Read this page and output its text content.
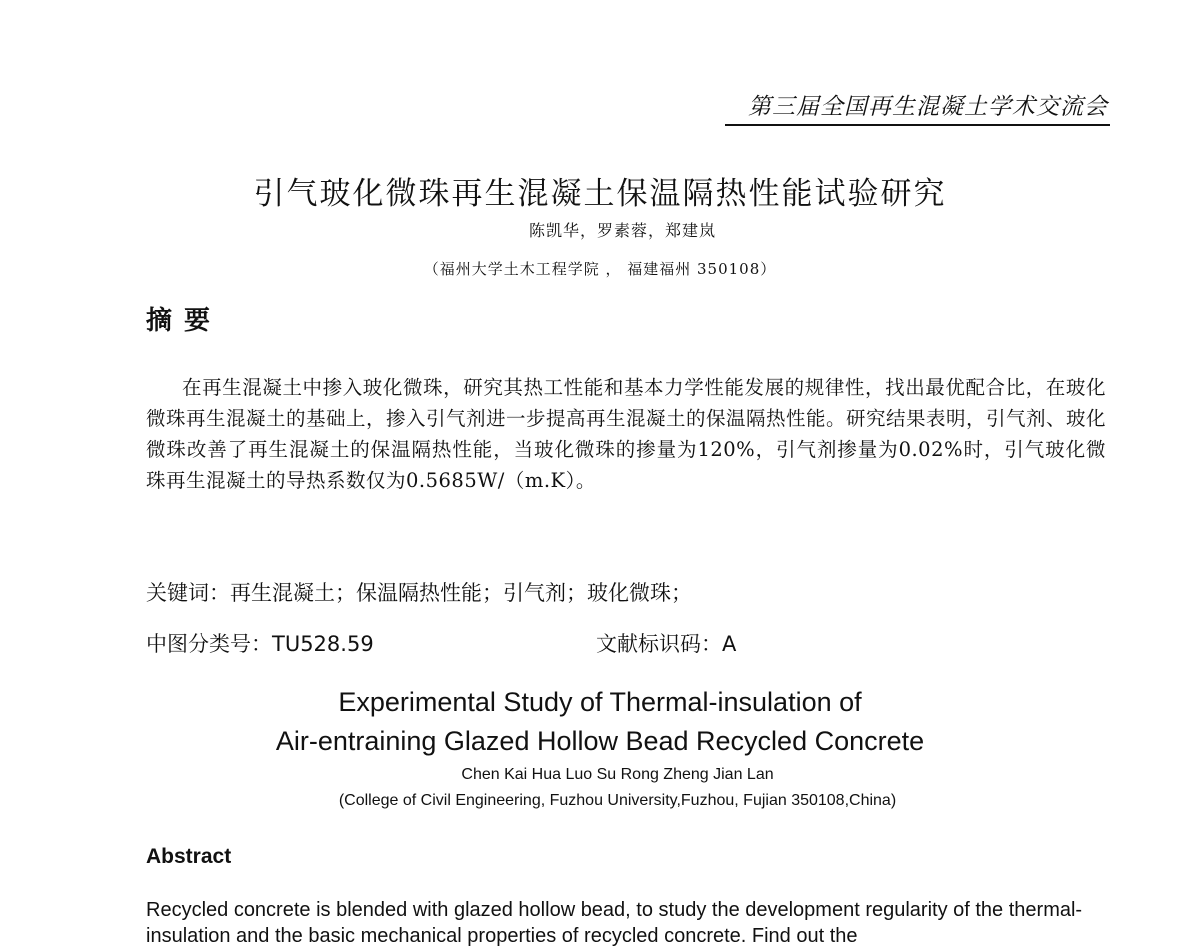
第三届全国再生混凝土学术交流会
引气玻化微珠再生混凝土保温隔热性能试验研究
陈凯华，罗素蓉，郑建岚
（福州大学土木工程学院 ， 福建福州 350108）
摘要
在再生混凝土中掺入玻化微珠，研究其热工性能和基本力学性能发展的规律性，找出最优配合比，在玻化微珠再生混凝土的基础上，掺入引气剂进一步提高再生混凝土的保温隔热性能。研究结果表明，引气剂、玻化微珠改善了再生混凝土的保温隔热性能，当玻化微珠的掺量为120%，引气剂掺量为0.02%时，引气玻化微珠再生混凝土的导热系数仅为0.5685W/（m.K）。
关键词：再生混凝土；保温隔热性能；引气剂；玻化微珠；
中图分类号：TU528.59	文献标识码：A
Experimental Study of Thermal-insulation of
Air-entraining Glazed Hollow Bead Recycled Concrete
Chen Kai Hua Luo Su Rong Zheng Jian Lan
(College of Civil Engineering, Fuzhou University,Fuzhou, Fujian 350108,China)
Abstract
Recycled concrete is blended with glazed hollow bead, to study the development regularity of the thermal-insulation and the basic mechanical properties of recycled concrete. Find out the
